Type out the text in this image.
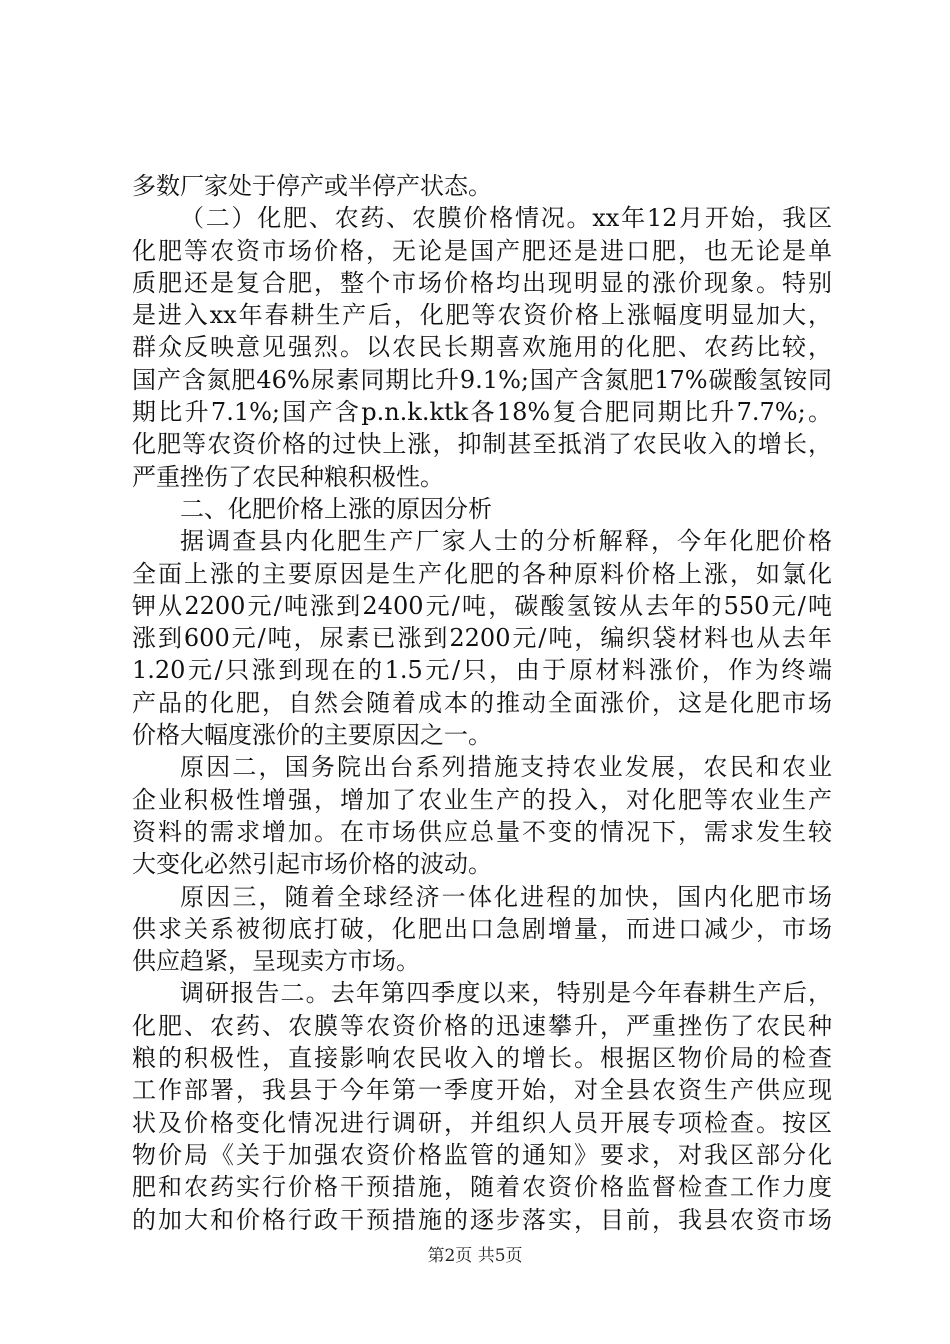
多数厂家处于停产或半停产状态。
（二）化肥、农药、农膜价格情况。xx年12月开始，我区
化肥等农资市场价格，无论是国产肥还是进口肥，也无论是单
质肥还是复合肥，整个市场价格均出现明显的涨价现象。特别
是进入xx年春耕生产后，化肥等农资价格上涨幅度明显加大，
群众反映意见强烈。以农民长期喜欢施用的化肥、农药比较，
国产含氮肥46%尿素同期比升9.1%;国产含氮肥17%碳酸氢铵同
期比升7.1%;国产含p.n.k.ktk各18%复合肥同期比升7.7%;。
化肥等农资价格的过快上涨，抑制甚至抵消了农民收入的增长，
严重挫伤了农民种粮积极性。
二、化肥价格上涨的原因分析
据调查县内化肥生产厂家人士的分析解释，今年化肥价格
全面上涨的主要原因是生产化肥的各种原料价格上涨，如氯化
钾从2200元/吨涨到2400元/吨，碳酸氢铵从去年的550元/吨
涨到600元/吨，尿素已涨到2200元/吨，编织袋材料也从去年
1.20元/只涨到现在的1.5元/只，由于原材料涨价，作为终端
产品的化肥，自然会随着成本的推动全面涨价，这是化肥市场
价格大幅度涨价的主要原因之一。
原因二，国务院出台系列措施支持农业发展，农民和农业
企业积极性增强，增加了农业生产的投入，对化肥等农业生产
资料的需求增加。在市场供应总量不变的情况下，需求发生较
大变化必然引起市场价格的波动。
原因三，随着全球经济一体化进程的加快，国内化肥市场
供求关系被彻底打破，化肥出口急剧增量，而进口减少，市场
供应趋紧，呈现卖方市场。
调研报告二。去年第四季度以来，特别是今年春耕生产后，
化肥、农药、农膜等农资价格的迅速攀升，严重挫伤了农民种
粮的积极性，直接影响农民收入的增长。根据区物价局的检查
工作部署，我县于今年第一季度开始，对全县农资生产供应现
状及价格变化情况进行调研，并组织人员开展专项检查。按区
物价局《关于加强农资价格监管的通知》要求，对我区部分化
肥和农药实行价格干预措施，随着农资价格监督检查工作力度
的加大和价格行政干预措施的逐步落实，目前，我县农资市场
第2页 共5页
